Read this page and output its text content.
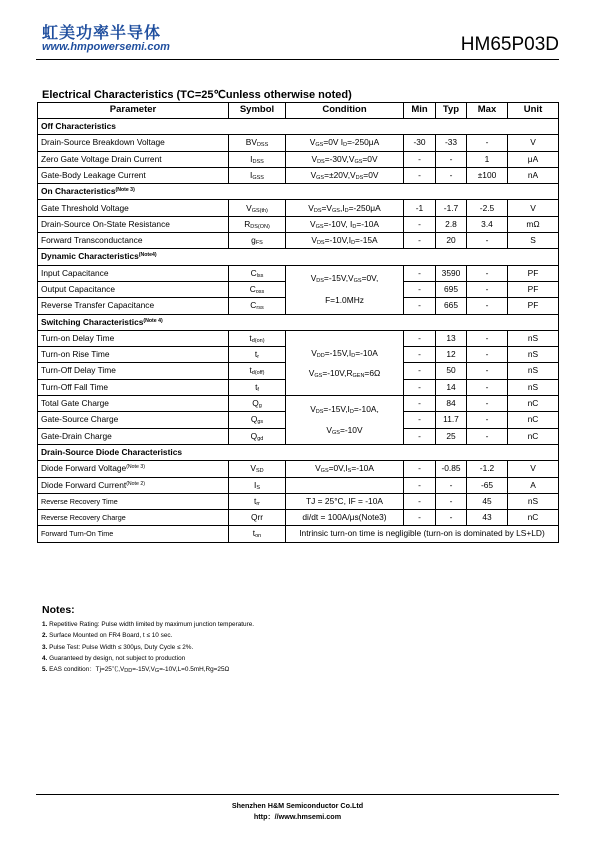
虹美功率半导体
www.hmpowersemi.com	HM65P03D
Electrical Characteristics (TC=25℃unless otherwise noted)
Parameter	Symbol	Condition	Min	Typ	Max	Unit
Off Characteristics						
Drain-Source Breakdown Voltage	$BV_{DSS}$	$V_{GS}=0V$ $I_D=-250\mu A$	-30	-33	-	V
Zero Gate Voltage Drain Current	$I_{DSS}$	$V_{DS}=-30V,V_{GS}=0V$	-	-	1	μA
Gate-Body Leakage Current	$I_{GSS}$	$V_{GS}=\pm 20V,V_{DS}=0V$	-	-	±100	nA
On Characteristics$^{(Note 3)}$
Gate Threshold Voltage	$V_{GS(th)}$	$V_{DS}=V_{GS},I_D=-250\mu A$	-1	-1.7	-2.5	V
Drain-Source On-State Resistance	$R_{DS(ON)}$	$V_{GS}=-10V$, $I_D=-10A$	-	2.8	3.4	mΩ
Forward Transconductance	$g_{FS}$	$V_{DS}=-10V,I_D=-15A$	-	20	-	S
Dynamic Characteristics$^{(Note4)}$
Input Capacitance	$C_{lss}$	$V_{DS}=-15V,V_{GS}=0V$,

F=1.0MHz	-	3590	-	PF
Output Capacitance	$C_{oss}$		-	695	-	PF
Reverse Transfer Capacitance	$C_{rss}$		-	665	-	PF
Switching Characteristics$^{(Note 4)}$
Turn-on Delay Time	$t_{d(on)}$	$V_{DD}=-15V,I_D=-10A$

$V_{GS}=-10V,R_{GEN}=6\Omega$	-	13	-	nS
Turn-on Rise Time	$t_r$		-	12	-	nS
Turn-Off Delay Time	$t_{d(off)}$		-	50	-	nS
Turn-Off Fall Time	$t_f$		-	14	-	nS
Total Gate Charge	$Q_g$	$V_{DS}=-15V,I_D=-10A$,

$V_{GS}=-10V$	-	84	-	nC
Gate-Source Charge	$Q_{gs}$		-	11.7	-	nC
Gate-Drain Charge	$Q_{gd}$		-	25	-	nC
Drain-Source Diode Characteristics						
Diode Forward Voltage$^{(Note 3)}$	$V_{SD}$	$V_{GS}=0V,I_S=-10A$	-	-0.85	-1.2	V
Diode Forward Current$^{(Note 2)}$	$I_S$		-	-	-65	A
Reverse Recovery Time	$t_{rr}$	TJ = 25°C, IF = -10A	-	-	45	nS
Reverse Recovery Charge	Qrr	di/dt = 100A/μs(Note3)	-	-	43	nC
Forward Turn-On Time	$t_{on}$	Intrinsic turn-on time is negligible (turn-on is dominated by LS+LD)				
Notes:
1. Repetitive Rating: Pulse width limited by maximum junction temperature.
2. Surface Mounted on FR4 Board, t ≤ 10 sec.
3. Pulse Test: Pulse Width ≤ 300μs, Duty Cycle ≤ 2%.
4. Guaranteed by design, not subject to production
5. EAS condition：$Tj=25℃,V_{DD}=-15V,V_G=-10V,L=0.5mH,Rg=25\Omega$
Shenzhen H&M Semiconductor Co.Ltd
http：//www.hmsemi.com
